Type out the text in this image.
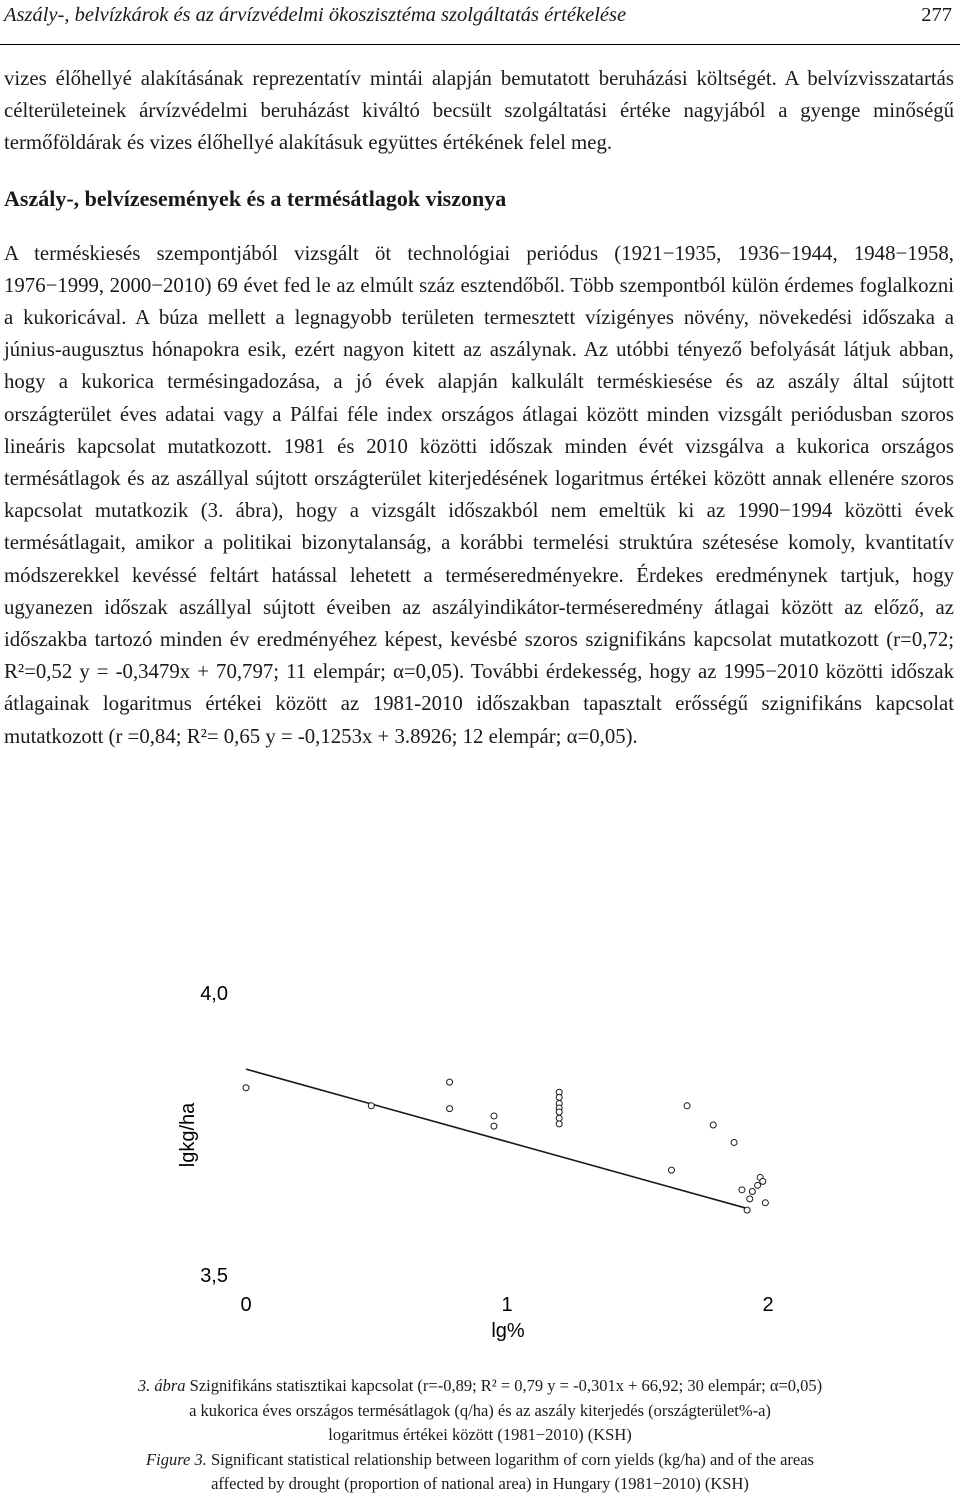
Aszály-, belvízkárok és az árvízvédelmi ökoszisztéma szolgáltatás értékelése	277

vizes élőhellyé alakításának reprezentatív mintái alapján bemutatott beruházási költségét. A belvízvisszatartás célterületeinek árvízvédelmi beruházást kiváltó becsült szolgáltatási értéke nagyjából a gyenge minőségű termőföldárak és vizes élőhellyé alakításuk együttes értékének felel meg.

Aszály-, belvízesemények és a termésátlagok viszonya

A terméskiesés szempontjából vizsgált öt technológiai periódus (1921−1935, 1936−1944, 1948−1958, 1976−1999, 2000−2010) 69 évet fed le az elmúlt száz esztendőből. Több szempontból külön érdemes foglalkozni a kukoricával. A búza mellett a legnagyobb területen termesztett vízigényes növény, növekedési időszaka a június-augusztus hónapokra esik, ezért nagyon kitett az aszálynak. Az utóbbi tényező befolyását látjuk abban, hogy a kukorica termésingadozása, a jó évek alapján kalkulált terméskiesése és az aszály által sújtott országterület éves adatai vagy a Pálfai féle index országos átlagai között minden vizsgált periódusban szoros lineáris kapcsolat mutatkozott. 1981 és 2010 közötti időszak minden évét vizsgálva a kukorica országos termésátlagok és az aszállyal sújtott országterület kiterjedésének logaritmus értékei között annak ellenére szoros kapcsolat mutatkozik (3. ábra), hogy a vizsgált időszakból nem emeltük ki az 1990−1994 közötti évek termésátlagait, amikor a politikai bizonytalanság, a korábbi termelési struktúra szétesése komoly, kvantitatív módszerekkel kevéssé feltárt hatással lehetett a terméseredményekre. Érdekes eredménynek tartjuk, hogy ugyanezen időszak aszállyal sújtott éveiben az aszályindikátor-terméseredmény átlagai között az előző, az időszakba tartozó minden év eredményéhez képest, kevésbé szoros szignifikáns kapcsolat mutatkozott (r=0,72; R²=0,52 y = -0,3479x + 70,797; 11 elempár; α=0,05). További érdekesség, hogy az 1995−2010 közötti időszak átlagainak logaritmus értékei között az 1981-2010 időszakban tapasztalt erősségű szignifikáns kapcsolat mutatkozott (r =0,84; R²= 0,65 y = -0,1253x + 3.8926; 12 elempár; α=0,05).

lgkg/ha
lg%
0	1	2
3,5
4,0
3. ábra Szignifikáns statisztikai kapcsolat (r=-0,89; R² = 0,79 y = -0,301x + 66,92; 30 elempár; α=0,05)
a kukorica éves országos termésátlagok (q/ha) és az aszály kiterjedés (országterület%-a)
logaritmus értékei között (1981−2010) (KSH)
Figure 3. Significant statistical relationship between logarithm of corn yields (kg/ha) and of the areas
affected by drought (proportion of national area) in Hungary (1981−2010) (KSH)
